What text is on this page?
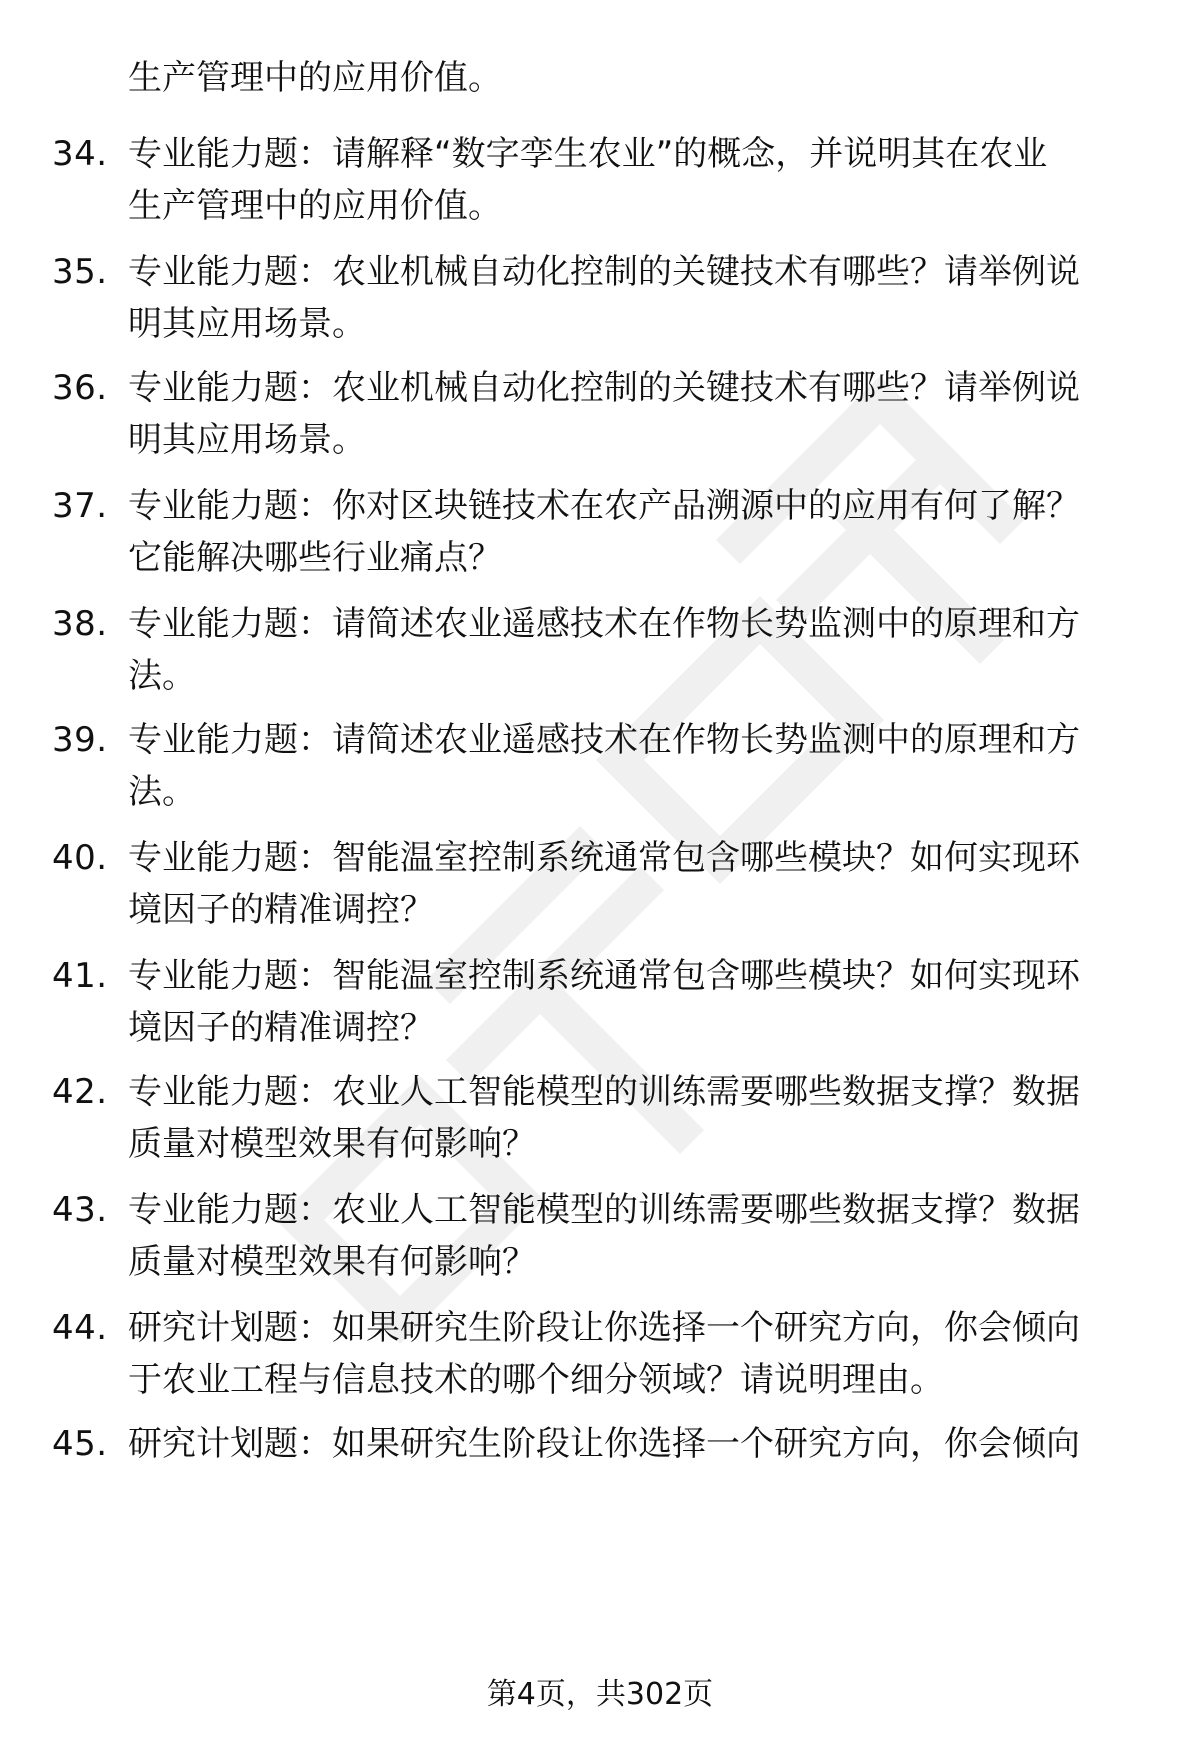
生产管理中的应用价值。
34. 专业能力题：请解释“数字孪生农业”的概念，并说明其在农业
生产管理中的应用价值。
35. 专业能力题：农业机械自动化控制的关键技术有哪些？请举例说
明其应用场景。
36. 专业能力题：农业机械自动化控制的关键技术有哪些？请举例说
明其应用场景。
37. 专业能力题：你对区块链技术在农产品溯源中的应用有何了解？
它能解决哪些行业痛点？
38. 专业能力题：请简述农业遥感技术在作物长势监测中的原理和方
法。
39. 专业能力题：请简述农业遥感技术在作物长势监测中的原理和方
法。
40. 专业能力题：智能温室控制系统通常包含哪些模块？如何实现环
境因子的精准调控？
41. 专业能力题：智能温室控制系统通常包含哪些模块？如何实现环
境因子的精准调控？
42. 专业能力题：农业人工智能模型的训练需要哪些数据支撑？数据
质量对模型效果有何影响？
43. 专业能力题：农业人工智能模型的训练需要哪些数据支撑？数据
质量对模型效果有何影响？
44. 研究计划题：如果研究生阶段让你选择一个研究方向，你会倾向
于农业工程与信息技术的哪个细分领域？请说明理由。
45. 研究计划题：如果研究生阶段让你选择一个研究方向，你会倾向
第4页，共302页
